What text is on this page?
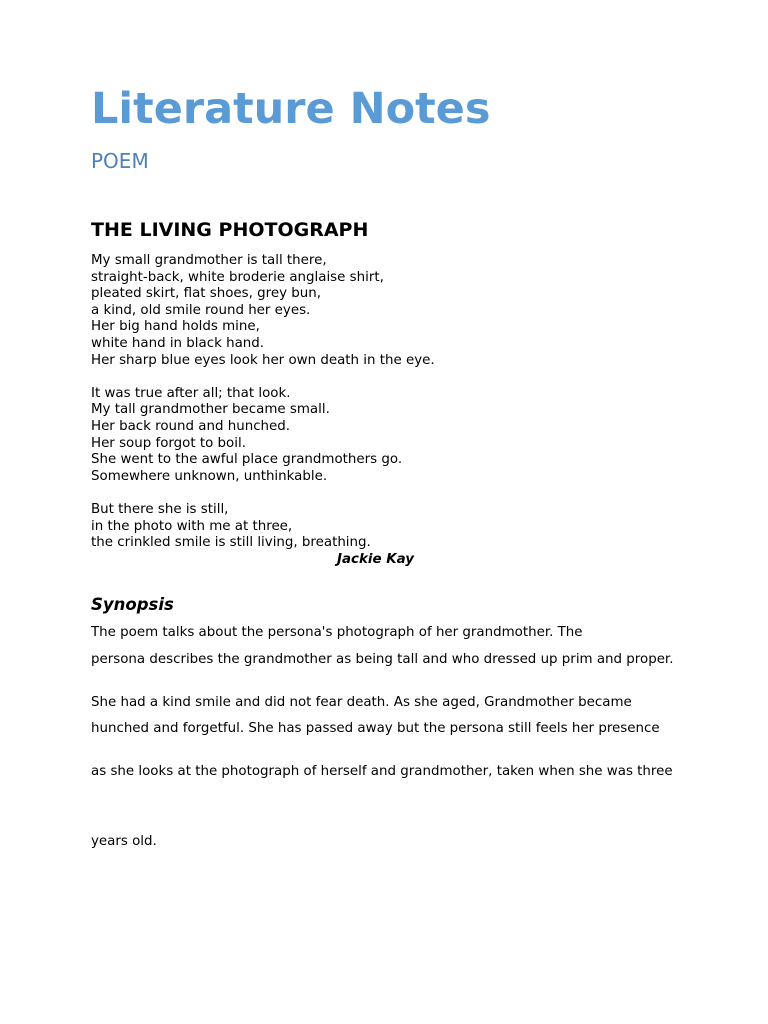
Literature Notes
POEM
THE LIVING PHOTOGRAPH
My small grandmother is tall there,
straight-back, white broderie anglaise shirt,
pleated skirt, flat shoes, grey bun,
a kind, old smile round her eyes.
Her big hand holds mine,
white hand in black hand.
Her sharp blue eyes look her own death in the eye.
It was true after all; that look.
My tall grandmother became small.
Her back round and hunched.
Her soup forgot to boil.
She went to the awful place grandmothers go.
Somewhere unknown, unthinkable.
But there she is still,
in the photo with me at three,
the crinkled smile is still living, breathing.
Jackie Kay
Synopsis
The poem talks about the persona's photograph of her grandmother. The
persona describes the grandmother as being tall and who dressed up prim and proper.
She had a kind smile and did not fear death. As she aged, Grandmother became
hunched and forgetful. She has passed away but the persona still feels her presence
as she looks at the photograph of herself and grandmother, taken when she was three
years old.
